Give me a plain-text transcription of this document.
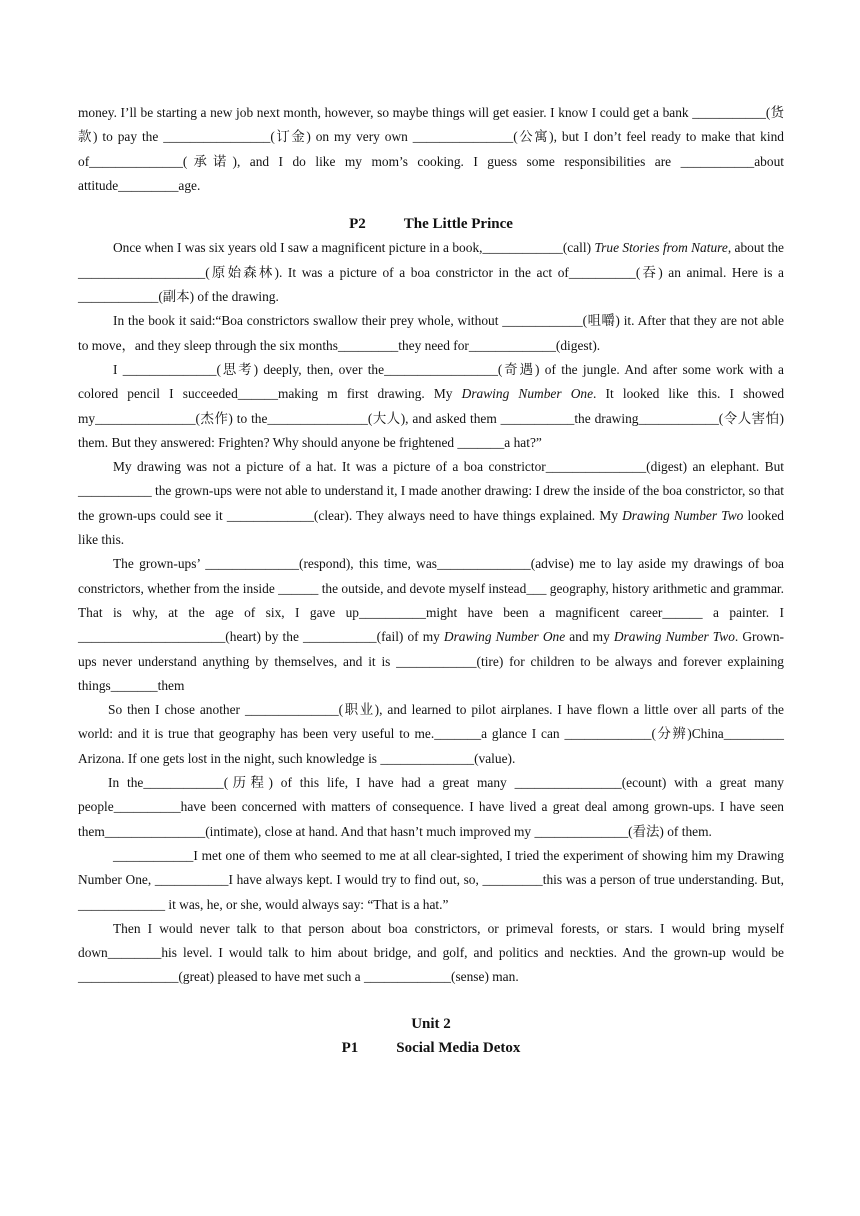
money. I’ll be starting a new job next month, however, so maybe things will get easier. I know I could get a bank ___________(货款) to pay the ________________(订金) on my very own _______________(公寓), but I don’t feel ready to make that kind of______________(承诺), and I do like my mom’s cooking. I guess some responsibilities are ___________about attitude_________age.

P2	The Little Prince

Once when I was six years old I saw a magnificent picture in a book,____________(call) True Stories from Nature, about the ___________________(原始森林). It was a picture of a boa constrictor in the act of__________(吞) an animal. Here is a ____________(副本) of the drawing.

In the book it said:“Boa constrictors swallow their prey whole, without ____________(咀嚼) it. After that they are not able to move，and they sleep through the six months_________they need for_____________(digest).

I ______________(思考) deeply, then, over the_________________(奇遇) of the jungle. And after some work with a colored pencil I succeeded______making m first drawing. My Drawing Number One. It looked like this. I showed my_______________(杰作) to the_______________(大人), and asked them ___________the drawing____________(令人害怕) them. But they answered: Frighten? Why should anyone be frightened _______a hat?”

My drawing was not a picture of a hat. It was a picture of a boa constrictor_______________(digest) an elephant. But ___________ the grown-ups were not able to understand it, I made another drawing: I drew the inside of the boa constrictor, so that the grown-ups could see it _____________(clear). They always need to have things explained. My Drawing Number Two looked like this.

The grown-ups’ ______________(respond), this time, was______________(advise) me to lay aside my drawings of boa constrictors, whether from the inside ______ the outside, and devote myself instead___ geography, history arithmetic and grammar. That is why, at the age of six, I gave up__________might have been a magnificent career______ a painter. I ______________________(heart) by the ___________(fail) of my Drawing Number One and my Drawing Number Two. Grown-ups never understand anything by themselves, and it is ____________(tire) for children to be always and forever explaining things_______them

So then I chose another ______________(职业), and learned to pilot airplanes. I have flown a little over all parts of the world: and it is true that geography has been very useful to me._______a glance I can _____________(分辨)China_________ Arizona. If one gets lost in the night, such knowledge is ______________(value).

In the____________(历程) of this life, I have had a great many ________________(ecount) with a great many people__________have been concerned with matters of consequence. I have lived a great deal among grown-ups. I have seen them_______________(intimate), close at hand. And that hasn’t much improved my ______________(看法) of them.

____________I met one of them who seemed to me at all clear-sighted, I tried the experiment of showing him my Drawing Number One, ___________I have always kept. I would try to find out, so, _________this was a person of true understanding. But, _____________ it was, he, or she, would always say: “That is a hat.”

Then I would never talk to that person about boa constrictors, or primeval forests, or stars. I would bring myself down________his level. I would talk to him about bridge, and golf, and politics and neckties. And the grown-up would be _______________(great) pleased to have met such a _____________(sense) man.

Unit 2

P1	Social Media Detox
